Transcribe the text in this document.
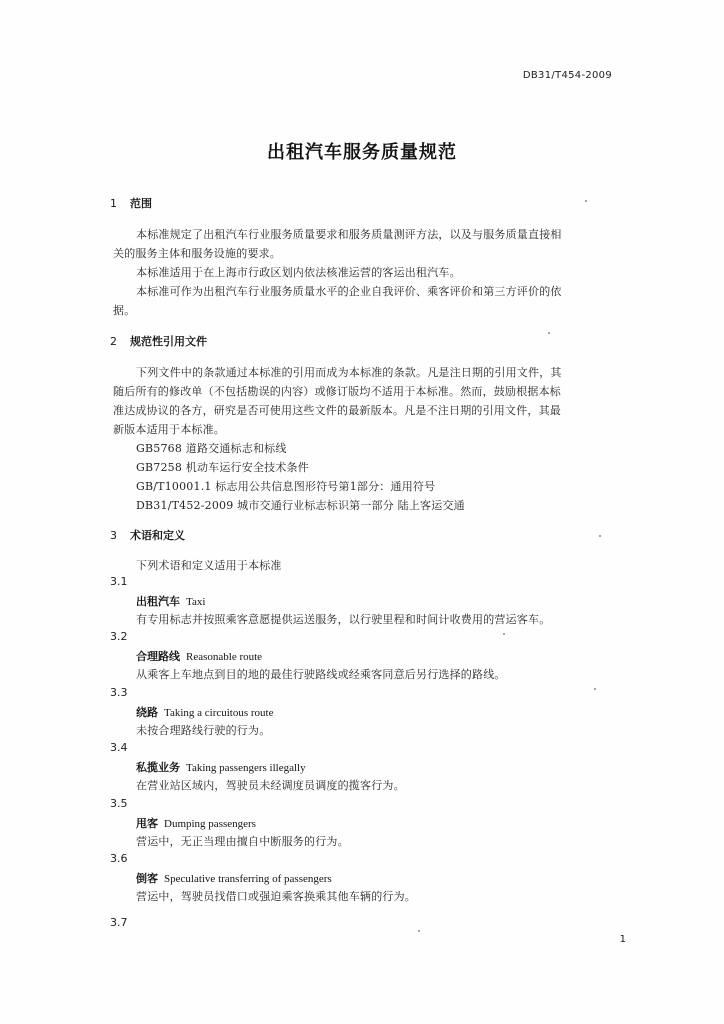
DB31/T454-2009
出租汽车服务质量规范
1 范围
本标准规定了出租汽车行业服务质量要求和服务质量测评方法，以及与服务质量直接相
关的服务主体和服务设施的要求。
本标准适用于在上海市行政区划内依法核准运营的客运出租汽车。
本标准可作为出租汽车行业服务质量水平的企业自我评价、乘客评价和第三方评价的依
据。
2 规范性引用文件
下列文件中的条款通过本标准的引用而成为本标准的条款。凡是注日期的引用文件，其
随后所有的修改单（不包括勘误的内容）或修订版均不适用于本标准。然而，鼓励根据本标
准达成协议的各方，研究是否可使用这些文件的最新版本。凡是不注日期的引用文件，其最
新版本适用于本标准。
GB5768 道路交通标志和标线
GB7258 机动车运行安全技术条件
GB/T10001.1 标志用公共信息图形符号第1部分：通用符号
DB31/T452-2009 城市交通行业标志标识第一部分 陆上客运交通
3 术语和定义
下列术语和定义适用于本标准
3.1
出租汽车 Taxi
有专用标志并按照乘客意愿提供运送服务，以行驶里程和时间计收费用的营运客车。
3.2
合理路线 Reasonable route
从乘客上车地点到目的地的最佳行驶路线或经乘客同意后另行选择的路线。
3.3
绕路 Taking a circuitous route
未按合理路线行驶的行为。
3.4
私揽业务 Taking passengers illegally
在营业站区域内，驾驶员未经调度员调度的揽客行为。
3.5
甩客 Dumping passengers
营运中，无正当理由擅自中断服务的行为。
3.6
倒客 Speculative transferring of passengers
营运中，驾驶员找借口或强迫乘客换乘其他车辆的行为。
3.7
1
